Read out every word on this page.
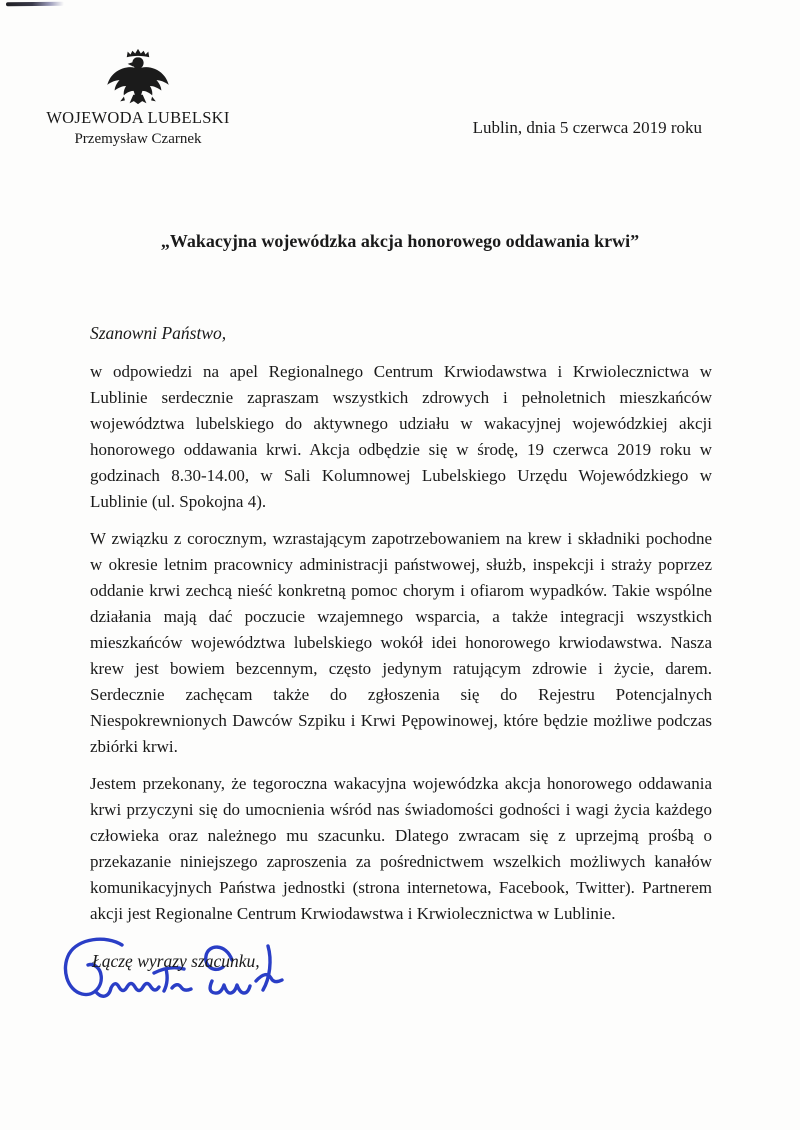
WOJEWODA LUBELSKI
Przemysław Czarnek
Lublin, dnia 5 czerwca 2019 roku
„Wakacyjna wojewódzka akcja honorowego oddawania krwi”

Szanowni Państwo,

w odpowiedzi na apel Regionalnego Centrum Krwiodawstwa i Krwiolecznictwa w Lublinie serdecznie zapraszam wszystkich zdrowych i pełnoletnich mieszkańców województwa lubelskiego do aktywnego udziału w wakacyjnej wojewódzkiej akcji honorowego oddawania krwi. Akcja odbędzie się w środę, 19 czerwca 2019 roku w godzinach 8.30-14.00, w Sali Kolumnowej Lubelskiego Urzędu Wojewódzkiego w Lublinie (ul. Spokojna 4).

W związku z corocznym, wzrastającym zapotrzebowaniem na krew i składniki pochodne w okresie letnim pracownicy administracji państwowej, służb, inspekcji i straży poprzez oddanie krwi zechcą nieść konkretną pomoc chorym i ofiarom wypadków. Takie wspólne działania mają dać poczucie wzajemnego wsparcia, a także integracji wszystkich mieszkańców województwa lubelskiego wokół idei honorowego krwiodawstwa. Nasza krew jest bowiem bezcennym, często jedynym ratującym zdrowie i życie, darem. Serdecznie zachęcam także do zgłoszenia się do Rejestru Potencjalnych Niespokrewnionych Dawców Szpiku i Krwi Pępowinowej, które będzie możliwe podczas zbiórki krwi.

Jestem przekonany, że tegoroczna wakacyjna wojewódzka akcja honorowego oddawania krwi przyczyni się do umocnienia wśród nas świadomości godności i wagi życia każdego człowieka oraz należnego mu szacunku. Dlatego zwracam się z uprzejmą prośbą o przekazanie niniejszego zaproszenia za pośrednictwem wszelkich możliwych kanałów komunikacyjnych Państwa jednostki (strona internetowa, Facebook, Twitter). Partnerem akcji jest Regionalne Centrum Krwiodawstwa i Krwiolecznictwa w Lublinie.

Łączę wyrazy szacunku,
